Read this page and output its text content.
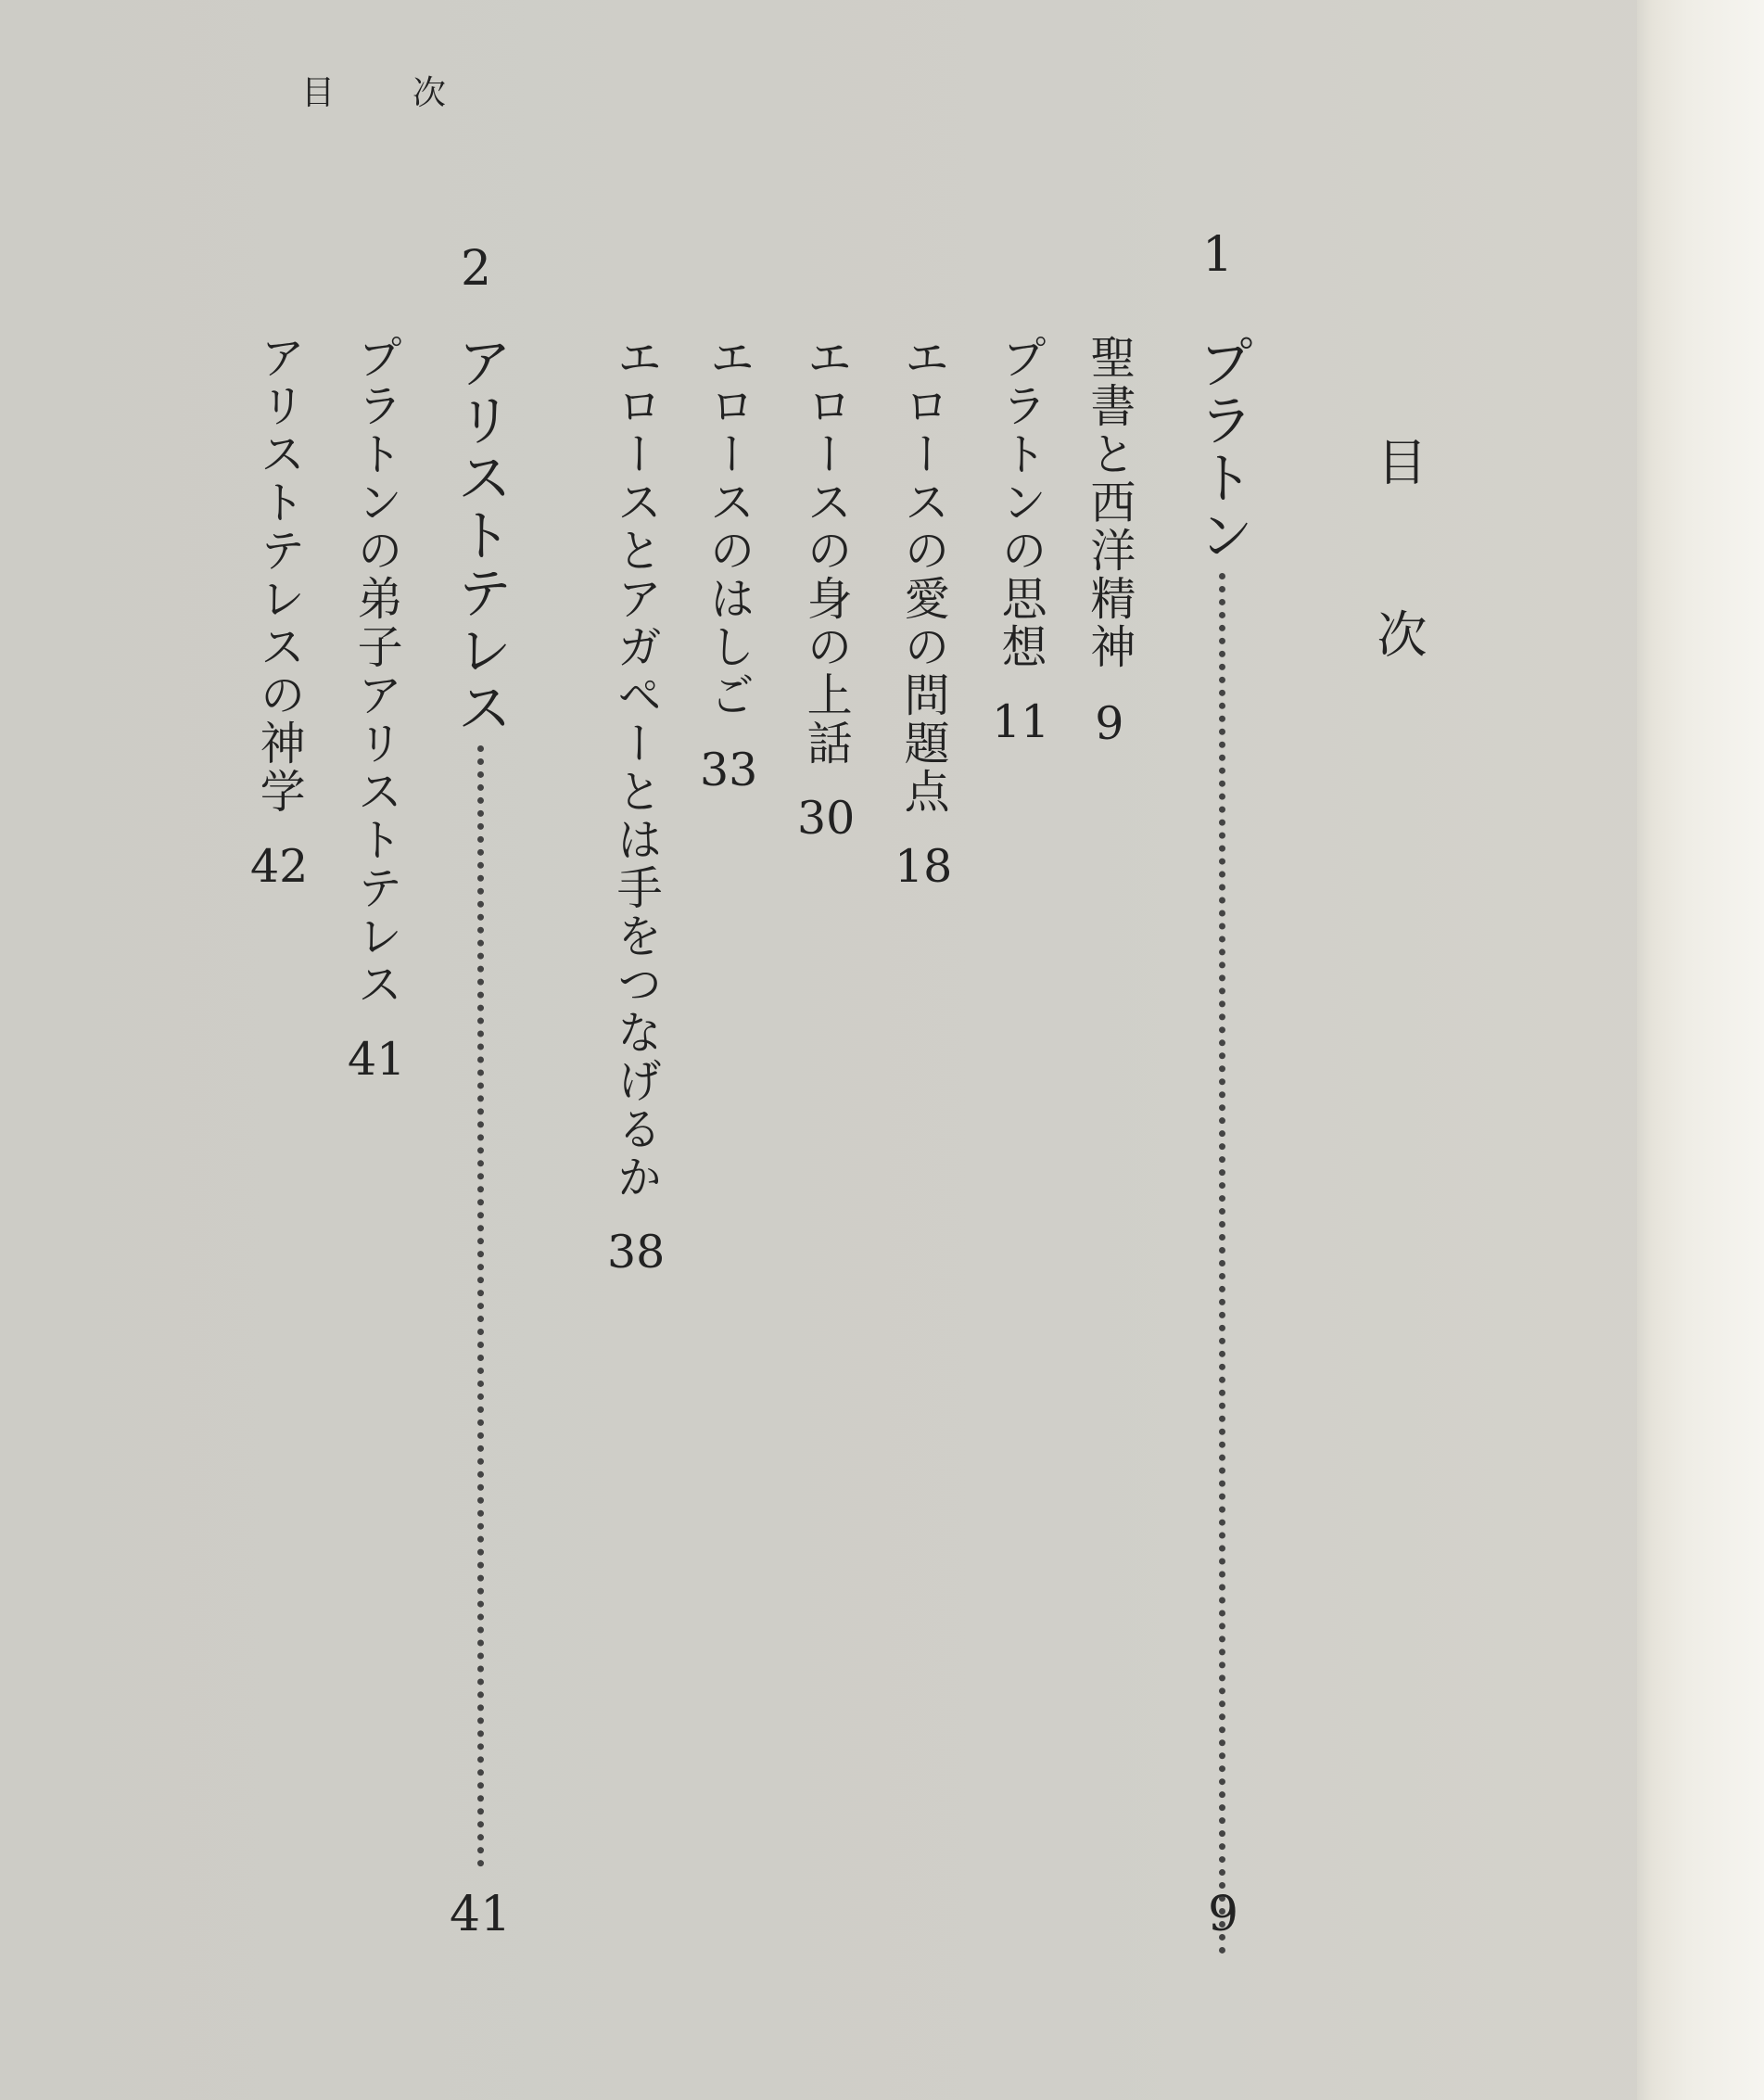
目　次
目次
1
プラトン
9
聖書と西洋精神9
プラトンの思想11
エロースの愛の問題点18
エロースの身の上話30
エロースのはしご33
エロースとアガペーとは手をつなげるか38
2
アリストテレス
41
プラトンの弟子アリストテレス41
アリストテレスの神学42
